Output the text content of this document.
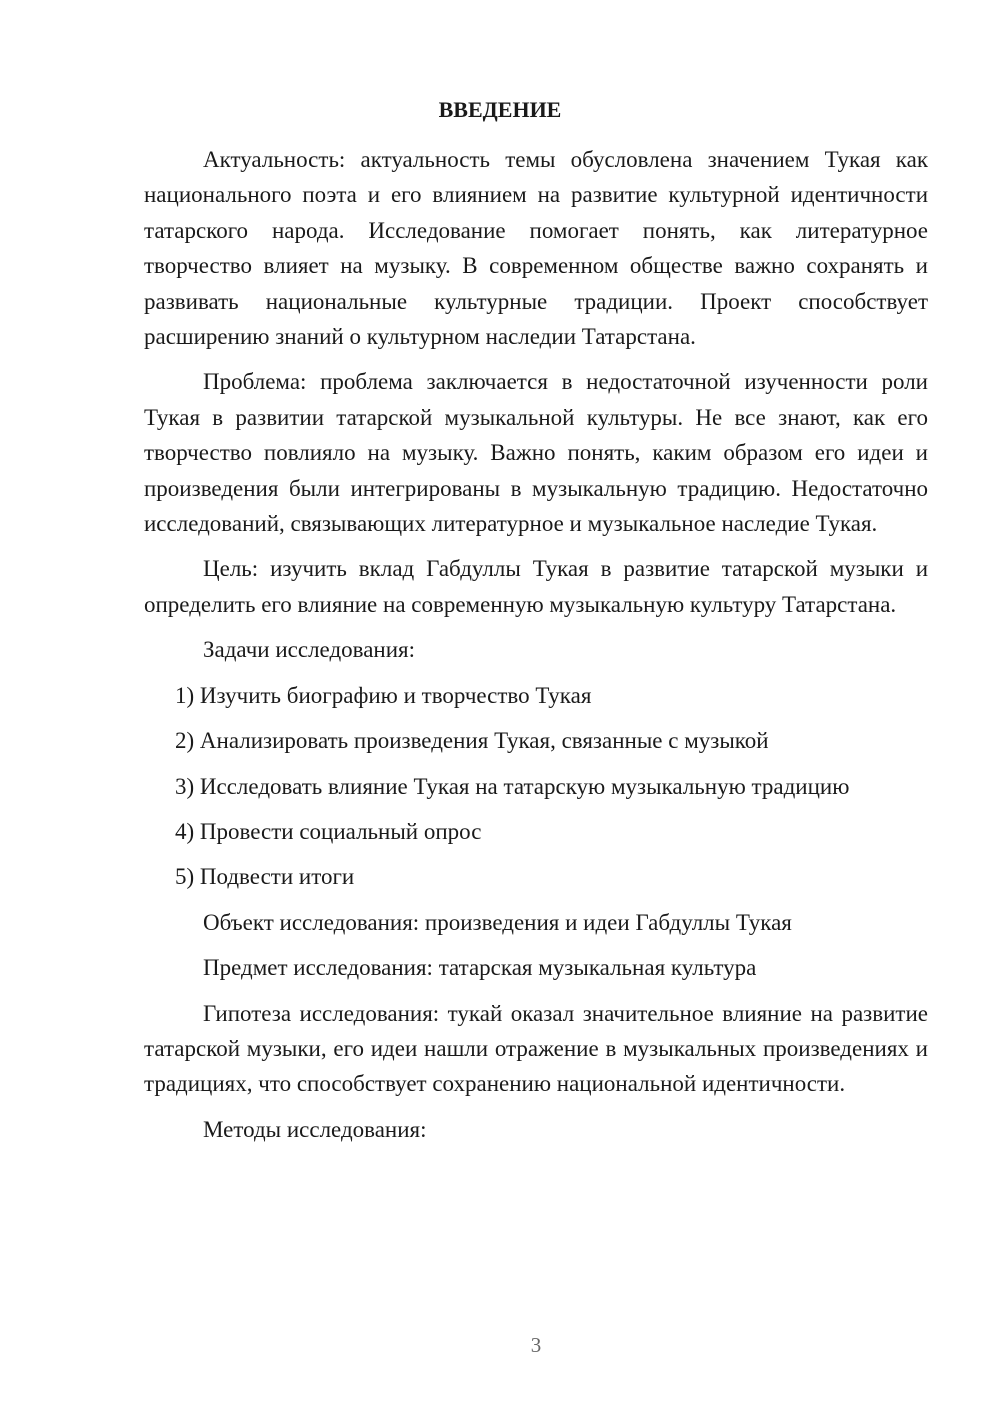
ВВЕДЕНИЕ

Актуальность: актуальность темы обусловлена значением Тукая как национального поэта и его влиянием на развитие культурной идентичности татарского народа. Исследование помогает понять, как литературное творчество влияет на музыку. В современном обществе важно сохранять и развивать национальные культурные традиции. Проект способствует расширению знаний о культурном наследии Татарстана.

Проблема: проблема заключается в недостаточной изученности роли Тукая в развитии татарской музыкальной культуры. Не все знают, как его творчество повлияло на музыку. Важно понять, каким образом его идеи и произведения были интегрированы в музыкальную традицию. Недостаточно исследований, связывающих литературное и музыкальное наследие Тукая.

Цель: изучить вклад Габдуллы Тукая в развитие татарской музыки и определить его влияние на современную музыкальную культуру Татарстана.

Задачи исследования:

1) Изучить биографию и творчество Тукая
2) Анализировать произведения Тукая, связанные с музыкой
3) Исследовать влияние Тукая на татарскую музыкальную традицию
4) Провести социальный опрос
5) Подвести итоги

Объект исследования: произведения и идеи Габдуллы Тукая

Предмет исследования: татарская музыкальная культура

Гипотеза исследования: тукай оказал значительное влияние на развитие татарской музыки, его идеи нашли отражение в музыкальных произведениях и традициях, что способствует сохранению национальной идентичности.

Методы исследования:

3
